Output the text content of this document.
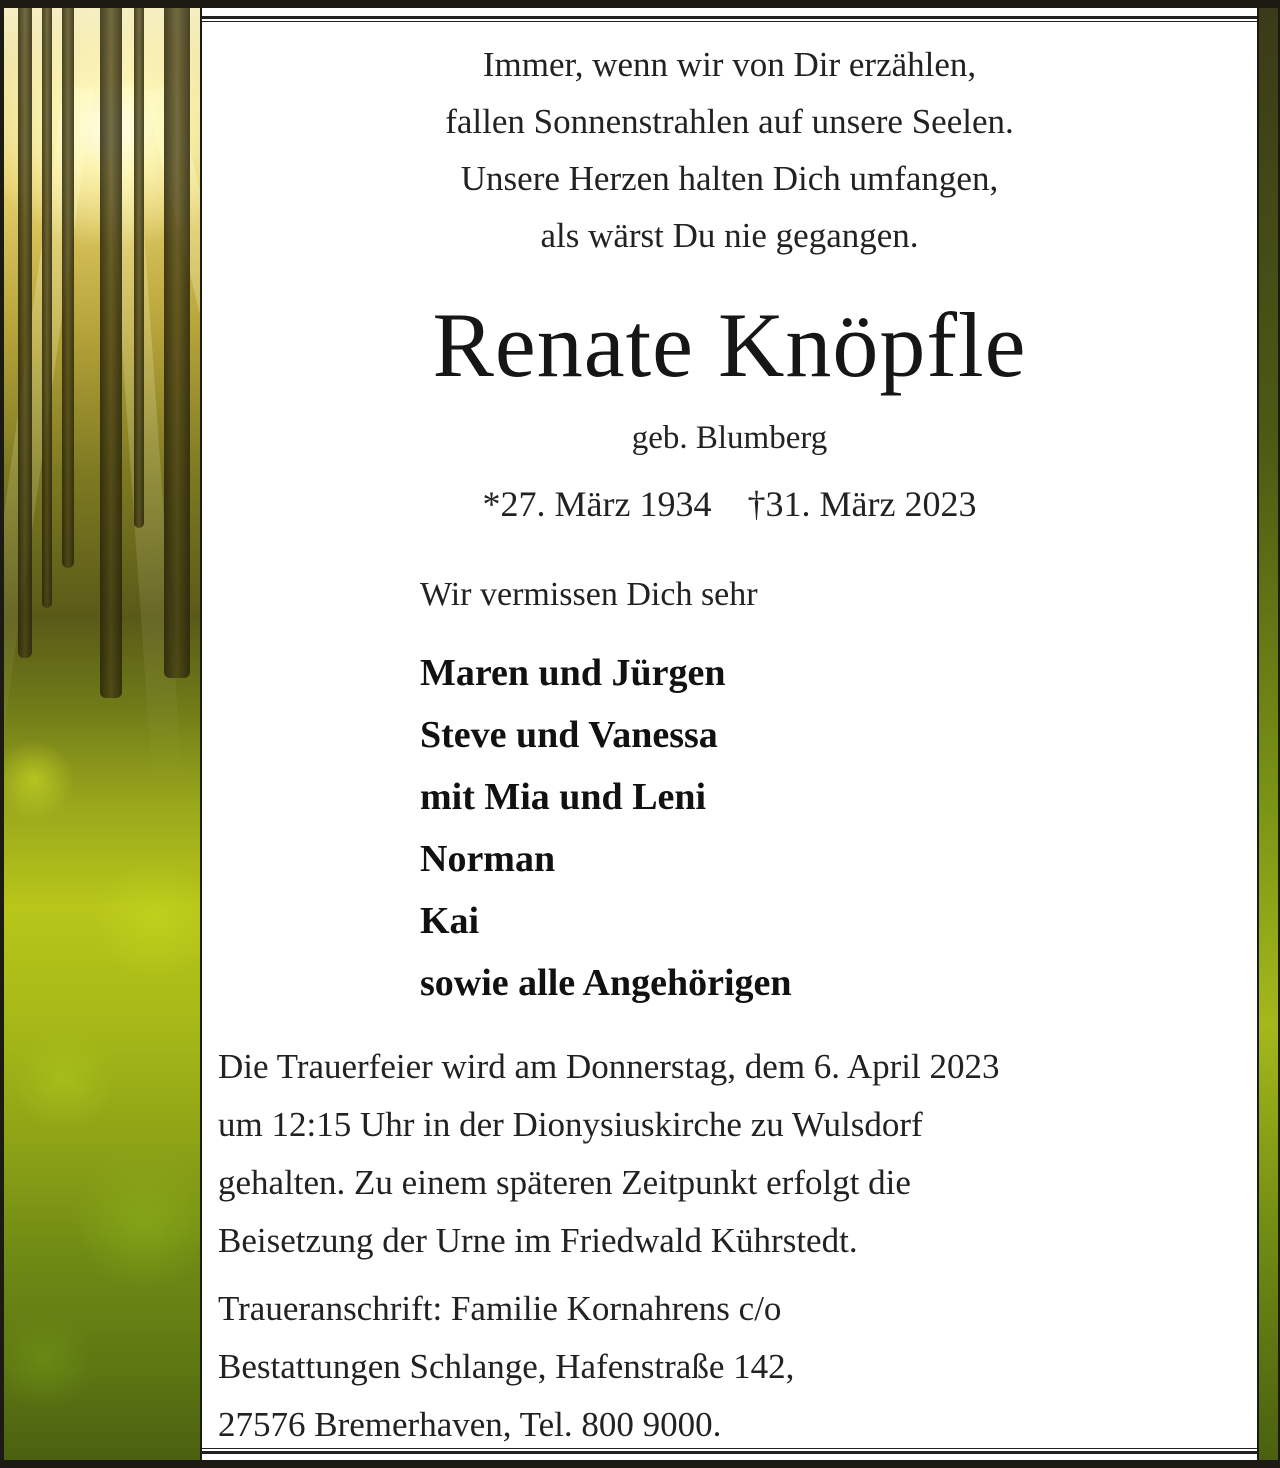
Immer, wenn wir von Dir erzählen,
fallen Sonnenstrahlen auf unsere Seelen.
Unsere Herzen halten Dich umfangen,
als wärst Du nie gegangen.
Renate Knöpfle
geb. Blumberg
*27. März 1934 †31. März 2023
Wir vermissen Dich sehr
Maren und Jürgen
Steve und Vanessa
mit Mia und Leni
Norman
Kai
sowie alle Angehörigen
Die Trauerfeier wird am Donnerstag, dem 6. April 2023
um 12:15 Uhr in der Dionysiuskirche zu Wulsdorf
gehalten. Zu einem späteren Zeitpunkt erfolgt die
Beisetzung der Urne im Friedwald Kührstedt.
Traueranschrift: Familie Kornahrens c/o
Bestattungen Schlange, Hafenstraße 142,
27576 Bremerhaven, Tel. 800 9000.
